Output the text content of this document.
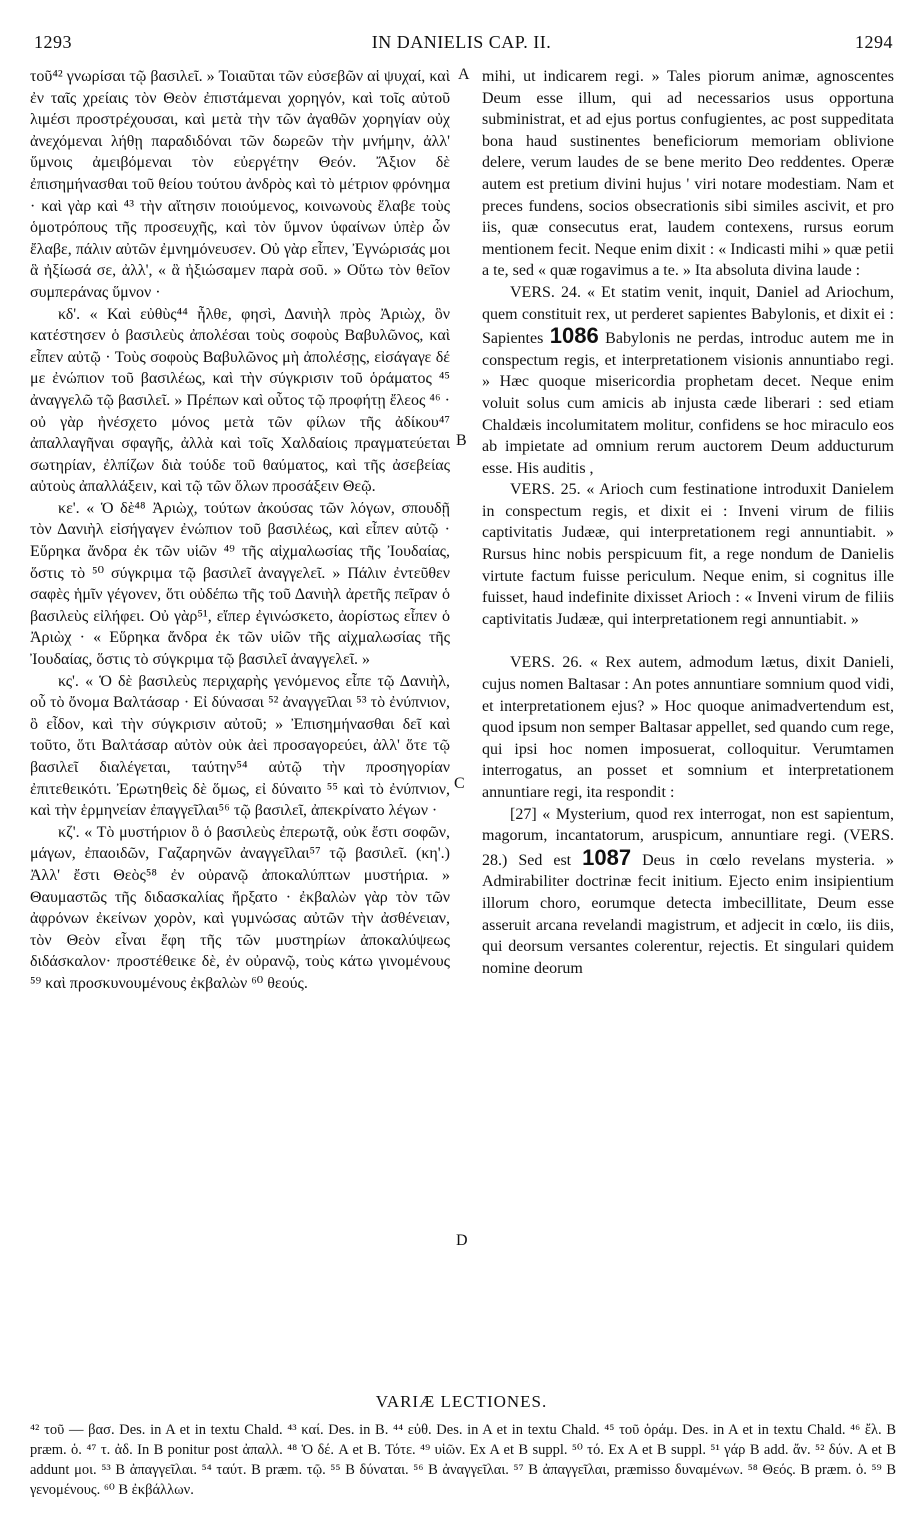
1293	IN DANIELIS CAP. II.	1294
A
B
C
D

τοῦ⁴² γνωρίσαι τῷ βασιλεῖ. » Τοιαῦται τῶν εὐσεβῶν αἱ ψυχαί, καὶ ἐν ταῖς χρείαις τὸν Θεὸν ἐπιστάμεναι χορηγόν, καὶ τοῖς αὐτοῦ λιμέσι προστρέχουσαι, καὶ μετὰ τὴν τῶν ἀγαθῶν χορηγίαν οὐχ ἀνεχόμεναι λήθῃ παραδιδόναι τῶν δωρεῶν τὴν μνήμην, ἀλλ' ὕμνοις ἀμειβόμεναι τὸν εὐεργέτην Θεόν. Ἄξιον δὲ ἐπισημήνασθαι τοῦ θείου τούτου ἀνδρὸς καὶ τὸ μέτριον φρόνημα · καὶ γὰρ καὶ ⁴³ τὴν αἴτησιν ποιούμενος, κοινωνοὺς ἔλαβε τοὺς ὁμοτρόπους τῆς προσευχῆς, καὶ τὸν ὕμνον ὑφαίνων ὑπὲρ ὧν ἔλαβε, πάλιν αὐτῶν ἐμνημόνευσεν. Οὐ γὰρ εἶπεν, Ἐγνώρισάς μοι ἃ ἠξίωσά σε, ἀλλ', « ἃ ἠξιώσαμεν παρὰ σοῦ. » Οὕτω τὸν θεῖον συμπεράνας ὕμνον ·

κδ'. « Καὶ εὐθὺς⁴⁴ ἦλθε, φησὶ, Δανιὴλ πρὸς Ἀριὼχ, ὃν κατέστησεν ὁ βασιλεὺς ἀπολέσαι τοὺς σοφοὺς Βαβυλῶνος, καὶ εἶπεν αὐτῷ · Τοὺς σοφοὺς Βαβυλῶνος μὴ ἀπολέσῃς, εἰσάγαγε δέ με ἐνώπιον τοῦ βασιλέως, καὶ τὴν σύγκρισιν τοῦ ὁράματος ⁴⁵ ἀναγγελῶ τῷ βασιλεῖ. » Πρέπων καὶ οὗτος τῷ προφήτῃ ἔλεος ⁴⁶ · οὐ γὰρ ἠνέσχετο μόνος μετὰ τῶν φίλων τῆς ἀδίκου⁴⁷ ἀπαλλαγῆναι σφαγῆς, ἀλλὰ καὶ τοῖς Χαλδαίοις πραγματεύεται σωτηρίαν, ἐλπίζων διὰ τούδε τοῦ θαύματος, καὶ τῆς ἀσεβείας αὐτοὺς ἀπαλλάξειν, καὶ τῷ τῶν ὅλων προσάξειν Θεῷ.

κε'. « Ὁ δὲ⁴⁸ Ἀριὼχ, τούτων ἀκούσας τῶν λόγων, σπουδῇ τὸν Δανιὴλ εἰσήγαγεν ἐνώπιον τοῦ βασιλέως, καὶ εἶπεν αὐτῷ · Εὕρηκα ἄνδρα ἐκ τῶν υἱῶν ⁴⁹ τῆς αἰχμαλωσίας τῆς Ἰουδαίας, ὅστις τὸ ⁵⁰ σύγκριμα τῷ βασιλεῖ ἀναγγελεῖ. » Πάλιν ἐντεῦθεν σαφὲς ἡμῖν γέγονεν, ὅτι οὐδέπω τῆς τοῦ Δανιὴλ ἀρετῆς πεῖραν ὁ βασιλεὺς εἰλήφει. Οὐ γὰρ⁵¹, εἴπερ ἐγινώσκετο, ἀορίστως εἶπεν ὁ Ἀριὼχ · « Εὕρηκα ἄνδρα ἐκ τῶν υἱῶν τῆς αἰχμαλωσίας τῆς Ἰουδαίας, ὅστις τὸ σύγκριμα τῷ βασιλεῖ ἀναγγελεῖ. »

κς'. « Ὁ δὲ βασιλεὺς περιχαρὴς γενόμενος εἶπε τῷ Δανιὴλ, οὗ τὸ ὄνομα Βαλτάσαρ · Εἰ δύνασαι ⁵² ἀναγγεῖλαι ⁵³ τὸ ἐνύπνιον, ὃ εἶδον, καὶ τὴν σύγκρισιν αὐτοῦ; » Ἐπισημήνασθαι δεῖ καὶ τοῦτο, ὅτι Βαλτάσαρ αὐτὸν οὐκ ἀεὶ προσαγορεύει, ἀλλ' ὅτε τῷ βασιλεῖ διαλέγεται, ταύτην⁵⁴ αὐτῷ τὴν προσηγορίαν ἐπιτεθεικότι. Ἐρωτηθεὶς δὲ ὅμως, εἰ δύναιτο ⁵⁵ καὶ τὸ ἐνύπνιον, καὶ τὴν ἑρμηνείαν ἐπαγγεῖλαι⁵⁶ τῷ βασιλεῖ, ἀπεκρίνατο λέγων ·

κζ'. « Τὸ μυστήριον ὃ ὁ βασιλεὺς ἐπερωτᾷ, οὐκ ἔστι σοφῶν, μάγων, ἐπαοιδῶν, Γαζαρηνῶν ἀναγγεῖλαι⁵⁷ τῷ βασιλεῖ. (κη'.) Ἀλλ' ἔστι Θεὸς⁵⁸ ἐν οὐρανῷ ἀποκαλύπτων μυστήρια. » Θαυμαστῶς τῆς διδασκαλίας ἤρξατο · ἐκβαλὼν γὰρ τὸν τῶν ἀφρόνων ἐκείνων χορὸν, καὶ γυμνώσας αὐτῶν τὴν ἀσθένειαν, τὸν Θεὸν εἶναι ἔφη τῆς τῶν μυστηρίων ἀποκαλύψεως διδάσκαλον· προστέθεικε δὲ, ἐν οὐρανῷ, τοὺς κάτω γινομένους ⁵⁹ καὶ προσκυνουμένους ἐκβαλὼν ⁶⁰ θεούς.

mihi, ut indicarem regi. » Tales piorum animæ, agnoscentes Deum esse illum, qui ad necessarios usus opportuna subministrat, et ad ejus portus confugientes, ac post suppeditata bona haud sustinentes beneficiorum memoriam oblivione delere, verum laudes de se bene merito Deo reddentes. Operæ autem est pretium divini hujus ' viri notare modestiam. Nam et preces fundens, socios obsecrationis sibi similes ascivit, et pro iis, quæ consecutus erat, laudem contexens, rursus eorum mentionem fecit. Neque enim dixit : « Indicasti mihi » quæ petii a te, sed « quæ rogavimus a te. » Ita absoluta divina laude :

VERS. 24. « Et statim venit, inquit, Daniel ad Ariochum, quem constituit rex, ut perderet sapientes Babylonis, et dixit ei : Sapientes 1086 Babylonis ne perdas, introduc autem me in conspectum regis, et interpretationem visionis annuntiabo regi. » Hæc quoque misericordia prophetam decet. Neque enim voluit solus cum amicis ab injusta cæde liberari : sed etiam Chaldæis incolumitatem molitur, confidens se hoc miraculo eos ab impietate ad omnium rerum auctorem Deum adducturum esse. His auditis ,

VERS. 25. « Arioch cum festinatione introduxit Danielem in conspectum regis, et dixit ei : Inveni virum de filiis captivitatis Judææ, qui interpretationem regi annuntiabit. » Rursus hinc nobis perspicuum fit, a rege nondum de Danielis virtute factum fuisse periculum. Neque enim, si cognitus ille fuisset, haud indefinite dixisset Arioch : « Inveni virum de filiis captivitatis Judææ, qui interpretationem regi annuntiabit. »

VERS. 26. « Rex autem, admodum lætus, dixit Danieli, cujus nomen Baltasar : An potes annuntiare somnium quod vidi, et interpretationem ejus? » Hoc quoque animadvertendum est, quod ipsum non semper Baltasar appellet, sed quando cum rege, qui ipsi hoc nomen imposuerat, colloquitur. Verumtamen interrogatus, an posset et somnium et interpretationem annuntiare regi, ita respondit :

[27] « Mysterium, quod rex interrogat, non est sapientum, magorum, incantatorum, aruspicum, annuntiare regi. (VERS. 28.) Sed est 1087 Deus in cœlo revelans mysteria. » Admirabiliter doctrinæ fecit initium. Ejecto enim insipientium illorum choro, eorumque detecta imbecillitate, Deum esse asseruit arcana revelandi magistrum, et adjecit in cœlo, iis diis, qui deorsum versantes colerentur, rejectis. Et singulari quidem nomine deorum

VARIÆ LECTIONES.

⁴² τοῦ — βασ. Des. in A et in textu Chald. ⁴³ καί. Des. in B. ⁴⁴ εὐθ. Des. in A et in textu Chald. ⁴⁵ τοῦ ὁράμ. Des. in A et in textu Chald. ⁴⁶ ἔλ. B præm. ὁ. ⁴⁷ τ. ἀδ. In B ponitur post ἀπαλλ. ⁴⁸ Ὁ δέ. A et B. Τότε. ⁴⁹ υἱῶν. Ex A et B suppl. ⁵⁰ τό. Ex A et B suppl. ⁵¹ γάρ B add. ἄν. ⁵² δύν. A et B addunt μοι. ⁵³ B ἀπαγγεῖλαι. ⁵⁴ ταύτ. B præm. τῷ. ⁵⁵ B δύναται. ⁵⁶ B ἀναγγεῖλαι. ⁵⁷ B ἀπαγγεῖλαι, præmisso δυναμένων. ⁵⁸ Θεός. B præm. ὁ. ⁵⁹ B γενομένους. ⁶⁰ B ἐκβάλλων.
